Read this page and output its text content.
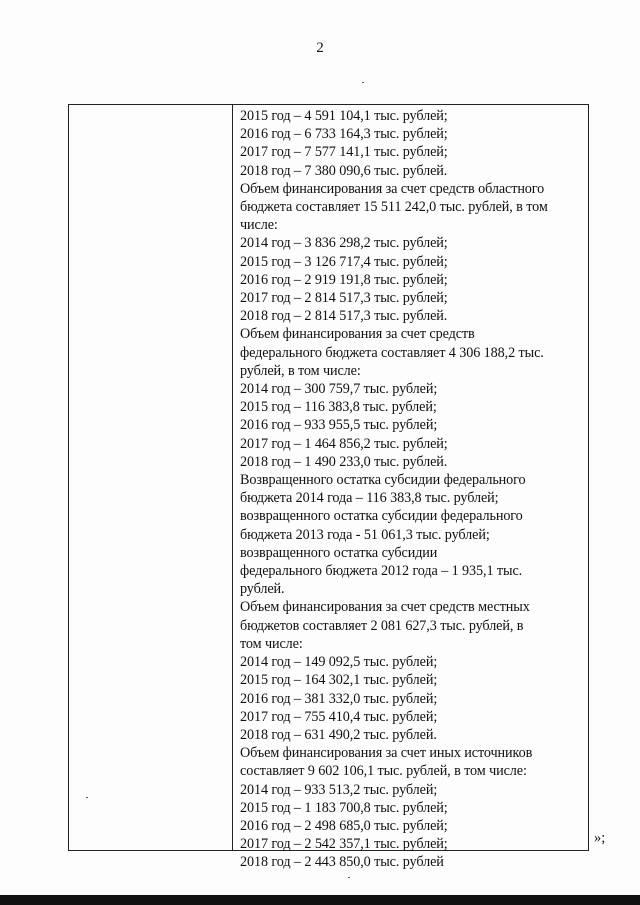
2
2015 год – 4 591 104,1 тыс. рублей;
2016 год – 6 733 164,3 тыс. рублей;
2017 год – 7 577 141,1 тыс. рублей;
2018 год – 7 380 090,6 тыс. рублей.
Объем финансирования за счет средств областного
бюджета составляет 15 511 242,0 тыс. рублей, в том
числе:
2014 год – 3 836 298,2 тыс. рублей;
2015 год – 3 126 717,4 тыс. рублей;
2016 год – 2 919 191,8 тыс. рублей;
2017 год – 2 814 517,3 тыс. рублей;
2018 год – 2 814 517,3 тыс. рублей.
Объем финансирования за счет средств
федерального бюджета составляет 4 306 188,2 тыс.
рублей, в том числе:
2014 год – 300 759,7 тыс. рублей;
2015 год – 116 383,8 тыс. рублей;
2016 год – 933 955,5 тыс. рублей;
2017 год – 1 464 856,2 тыс. рублей;
2018 год – 1 490 233,0 тыс. рублей.
Возвращенного остатка субсидии федерального
бюджета 2014 года – 116 383,8 тыс. рублей;
возвращенного остатка субсидии федерального
бюджета 2013 года - 51 061,3 тыс. рублей;
возвращенного остатка субсидии
федерального бюджета 2012 года – 1 935,1 тыс.
рублей.
Объем финансирования за счет средств местных
бюджетов составляет 2 081 627,3 тыс. рублей, в
том числе:
2014 год – 149 092,5 тыс. рублей;
2015 год – 164 302,1 тыс. рублей;
2016 год – 381 332,0 тыс. рублей;
2017 год – 755 410,4 тыс. рублей;
2018 год – 631 490,2 тыс. рублей.
Объем финансирования за счет иных источников
составляет 9 602 106,1 тыс. рублей, в том числе:
2014 год – 933 513,2 тыс. рублей;
2015 год – 1 183 700,8 тыс. рублей;
2016 год – 2 498 685,0 тыс. рублей;
2017 год – 2 542 357,1 тыс. рублей;
2018 год – 2 443 850,0 тыс. рублей
»;
